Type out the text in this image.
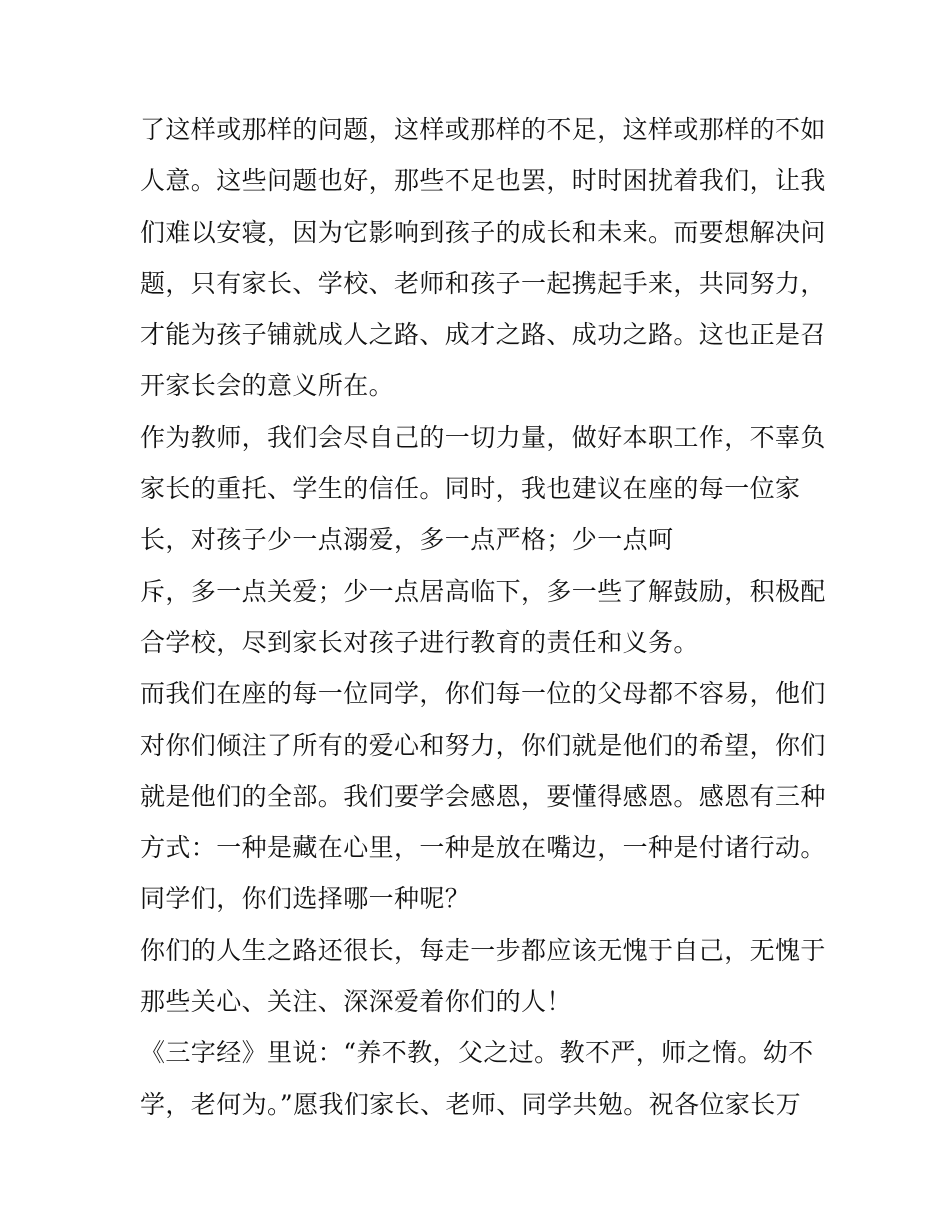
了这样或那样的问题，这样或那样的不足，这样或那样的不如
人意。这些问题也好，那些不足也罢，时时困扰着我们，让我
们难以安寝，因为它影响到孩子的成长和未来。而要想解决问
题，只有家长、学校、老师和孩子一起携起手来，共同努力，
才能为孩子铺就成人之路、成才之路、成功之路。这也正是召
开家长会的意义所在。
作为教师，我们会尽自己的一切力量，做好本职工作，不辜负
家长的重托、学生的信任。同时，我也建议在座的每一位家
长，对孩子少一点溺爱，多一点严格；少一点呵
斥，多一点关爱；少一点居高临下，多一些了解鼓励，积极配
合学校，尽到家长对孩子进行教育的责任和义务。
而我们在座的每一位同学，你们每一位的父母都不容易，他们
对你们倾注了所有的爱心和努力，你们就是他们的希望，你们
就是他们的全部。我们要学会感恩，要懂得感恩。感恩有三种
方式：一种是藏在心里，一种是放在嘴边，一种是付诸行动。
同学们，你们选择哪一种呢？
你们的人生之路还很长，每走一步都应该无愧于自己，无愧于
那些关心、关注、深深爱着你们的人！
《三字经》里说：“养不教，父之过。教不严，师之惰。幼不
学，老何为。”愿我们家长、老师、同学共勉。祝各位家长万
